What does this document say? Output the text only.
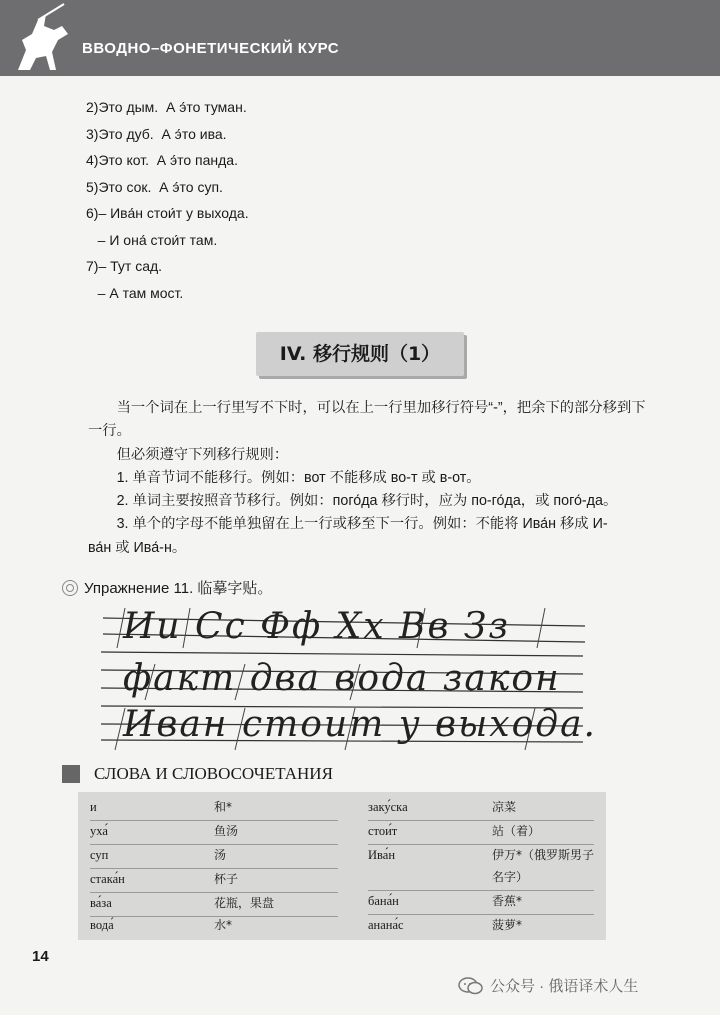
ВВОДНО–ФОНЕТИЧЕСКИЙ КУРС
2)Это дым.  А э́то туман.
3)Это дуб.  А э́то ива.
4)Это кот.  А э́то панда.
5)Это сок.  А э́то суп.
6)– Ива́н стои́т у выхода.
– И она́ стои́т там.
7)– Тут сад.
– А там мост.
IV. 移行规则（1）

当一个词在上一行里写不下时，可以在上一行里加移行符号“-”，把余下的部分移到下一行。

但必须遵守下列移行规则：

1. 单音节词不能移行。例如：вот 不能移成 во-т 或 в-от。

2. 单词主要按照音节移行。例如：пого́да 移行时，应为 по-го́да，或 пого́-да。

3. 单个的字母不能单独留在上一行或移至下一行。例如：不能将 Ива́н 移成 И-

ва́н 或 Ива́-н。

Упражнение 11. 临摹字贴。
Ии Сс Фф Хх Вв Зз
факт два вода закон
Иван стоит у выхода.
СЛОВА И СЛОВОСОЧЕТАНИЯ
и	和*
уха́	鱼汤
суп	汤
стака́н	杯子
ва́за	花瓶，果盘
вода́	水*
заку́ска	凉菜
стои́т	站（着）
Ива́н	伊万*（俄罗斯男子
名字）
бана́н	香蕉*
анана́с	菠萝*
14
公众号 · 俄语译术人生
